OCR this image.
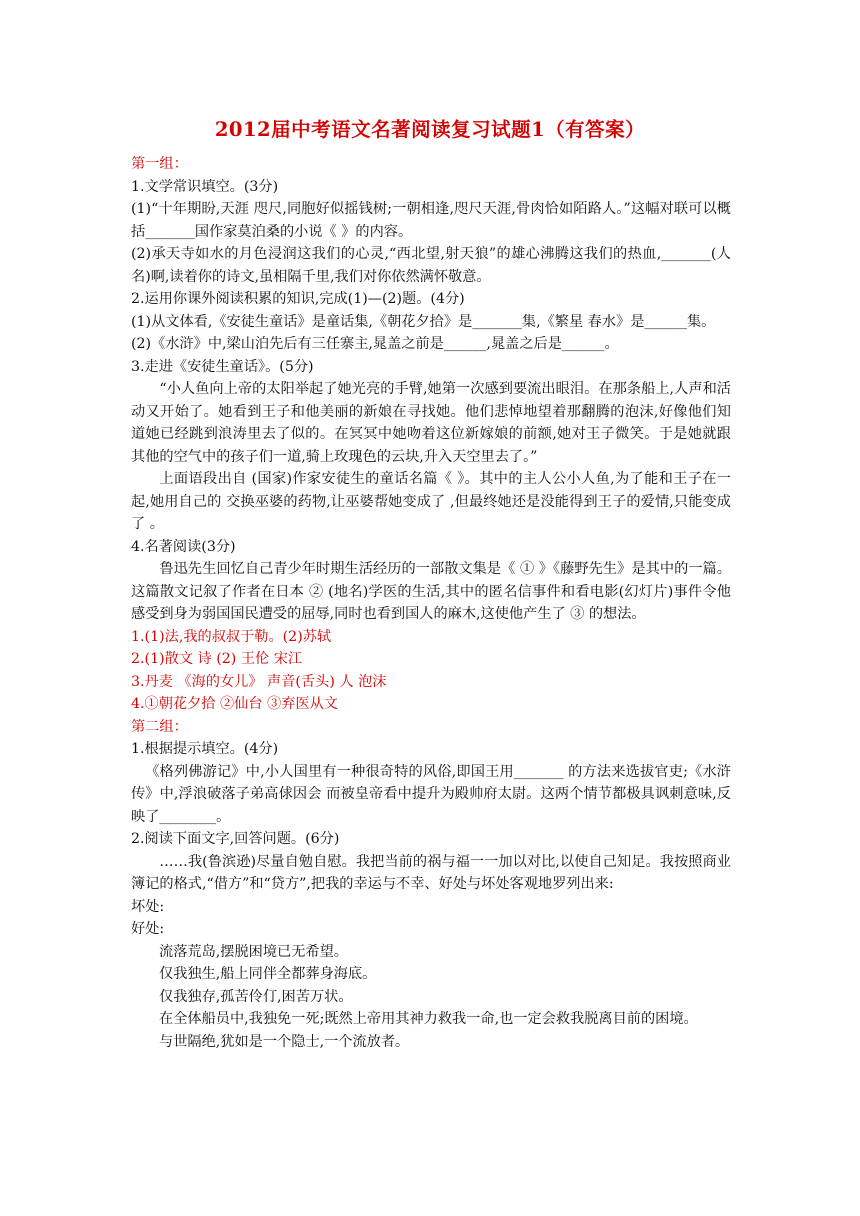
2012届中考语文名著阅读复习试题1（有答案）

第一组：

1.文学常识填空。(3分)

(1)“十年期盼,天涯 咫尺,同胞好似摇钱树;一朝相逢,咫尺天涯,骨肉恰如陌路人。”这幅对联可以概括_______国作家莫泊桑的小说《 》的内容。

(2)承天寺如水的月色浸润这我们的心灵,“西北望,射天狼”的雄心沸腾这我们的热血,_______(人名)啊,读着你的诗文,虽相隔千里,我们对你依然满怀敬意。

2.运用你课外阅读积累的知识,完成(1)—(2)题。(4分)

(1)从文体看,《安徒生童话》是童话集,《朝花夕拾》是_______集,《繁星 春水》是______集。

(2)《水浒》中,梁山泊先后有三任寨主,晁盖之前是______,晁盖之后是______。

3.走进《安徒生童话》。(5分)

“小人鱼向上帝的太阳举起了她光亮的手臂,她第一次感到要流出眼泪。在那条船上,人声和活动又开始了。她看到王子和他美丽的新娘在寻找她。他们悲悼地望着那翻腾的泡沫,好像他们知道她已经跳到浪涛里去了似的。在冥冥中她吻着这位新嫁娘的前额,她对王子微笑。于是她就跟其他的空气中的孩子们一道,骑上玫瑰色的云块,升入天空里去了。”

上面语段出自 (国家)作家安徒生的童话名篇《 》。其中的主人公小人鱼,为了能和王子在一起,她用自己的 交换巫婆的药物,让巫婆帮她变成了 ,但最终她还是没能得到王子的爱情,只能变成了 。

4.名著阅读(3分)

鲁迅先生回忆自己青少年时期生活经历的一部散文集是《 ① 》《藤野先生》是其中的一篇。这篇散文记叙了作者在日本 ② (地名)学医的生活,其中的匿名信事件和看电影(幻灯片)事件令他感受到身为弱国国民遭受的屈辱,同时也看到国人的麻木,这使他产生了 ③ 的想法。

1.(1)法,我的叔叔于勒。(2)苏轼

2.(1)散文 诗 (2) 王伦 宋江

3.丹麦 《海的女儿》 声音(舌头) 人 泡沫

4.①朝花夕拾 ②仙台 ③弃医从文

第二组：

1.根据提示填空。(4分)

《格列佛游记》中,小人国里有一种很奇特的风俗,即国王用_______ 的方法来选拔官吏;《水浒传》中,浮浪破落子弟高俅因会 而被皇帝看中提升为殿帅府太尉。这两个情节都极具讽刺意味,反映了________。

2.阅读下面文字,回答问题。(6分)

……我(鲁滨逊)尽量自勉自慰。我把当前的祸与福一一加以对比,以使自己知足。我按照商业簿记的格式,“借方”和“贷方”,把我的幸运与不幸、好处与坏处客观地罗列出来:

坏处:

好处:

流落荒岛,摆脱困境已无希望。

仅我独生,船上同伴全都葬身海底。

仅我独存,孤苦伶仃,困苦万状。

在全体船员中,我独免一死;既然上帝用其神力救我一命,也一定会救我脱离目前的困境。

与世隔绝,犹如是一个隐士,一个流放者。
